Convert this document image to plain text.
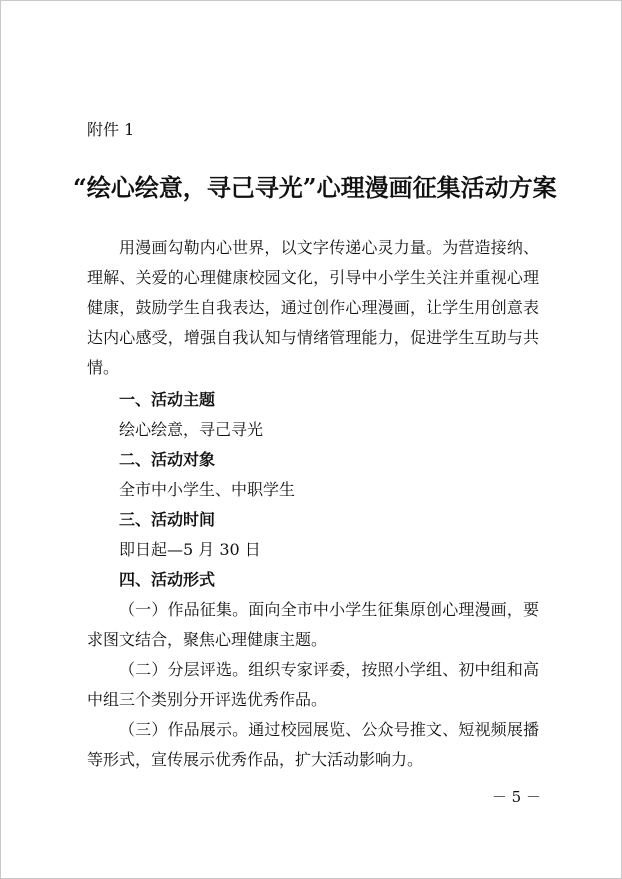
附件 1
“绘心绘意，寻己寻光”心理漫画征集活动方案
用漫画勾勒内心世界，以文字传递心灵力量。为营造接纳、理解、关爱的心理健康校园文化，引导中小学生关注并重视心理健康，鼓励学生自我表达，通过创作心理漫画，让学生用创意表达内心感受，增强自我认知与情绪管理能力，促进学生互助与共情。
一、活动主题
绘心绘意，寻己寻光
二、活动对象
全市中小学生、中职学生
三、活动时间
即日起—5 月 30 日
四、活动形式
（一）作品征集。面向全市中小学生征集原创心理漫画，要求图文结合，聚焦心理健康主题。
（二）分层评选。组织专家评委，按照小学组、初中组和高中组三个类别分开评选优秀作品。
（三）作品展示。通过校园展览、公众号推文、短视频展播等形式，宣传展示优秀作品，扩大活动影响力。
－ 5 －
